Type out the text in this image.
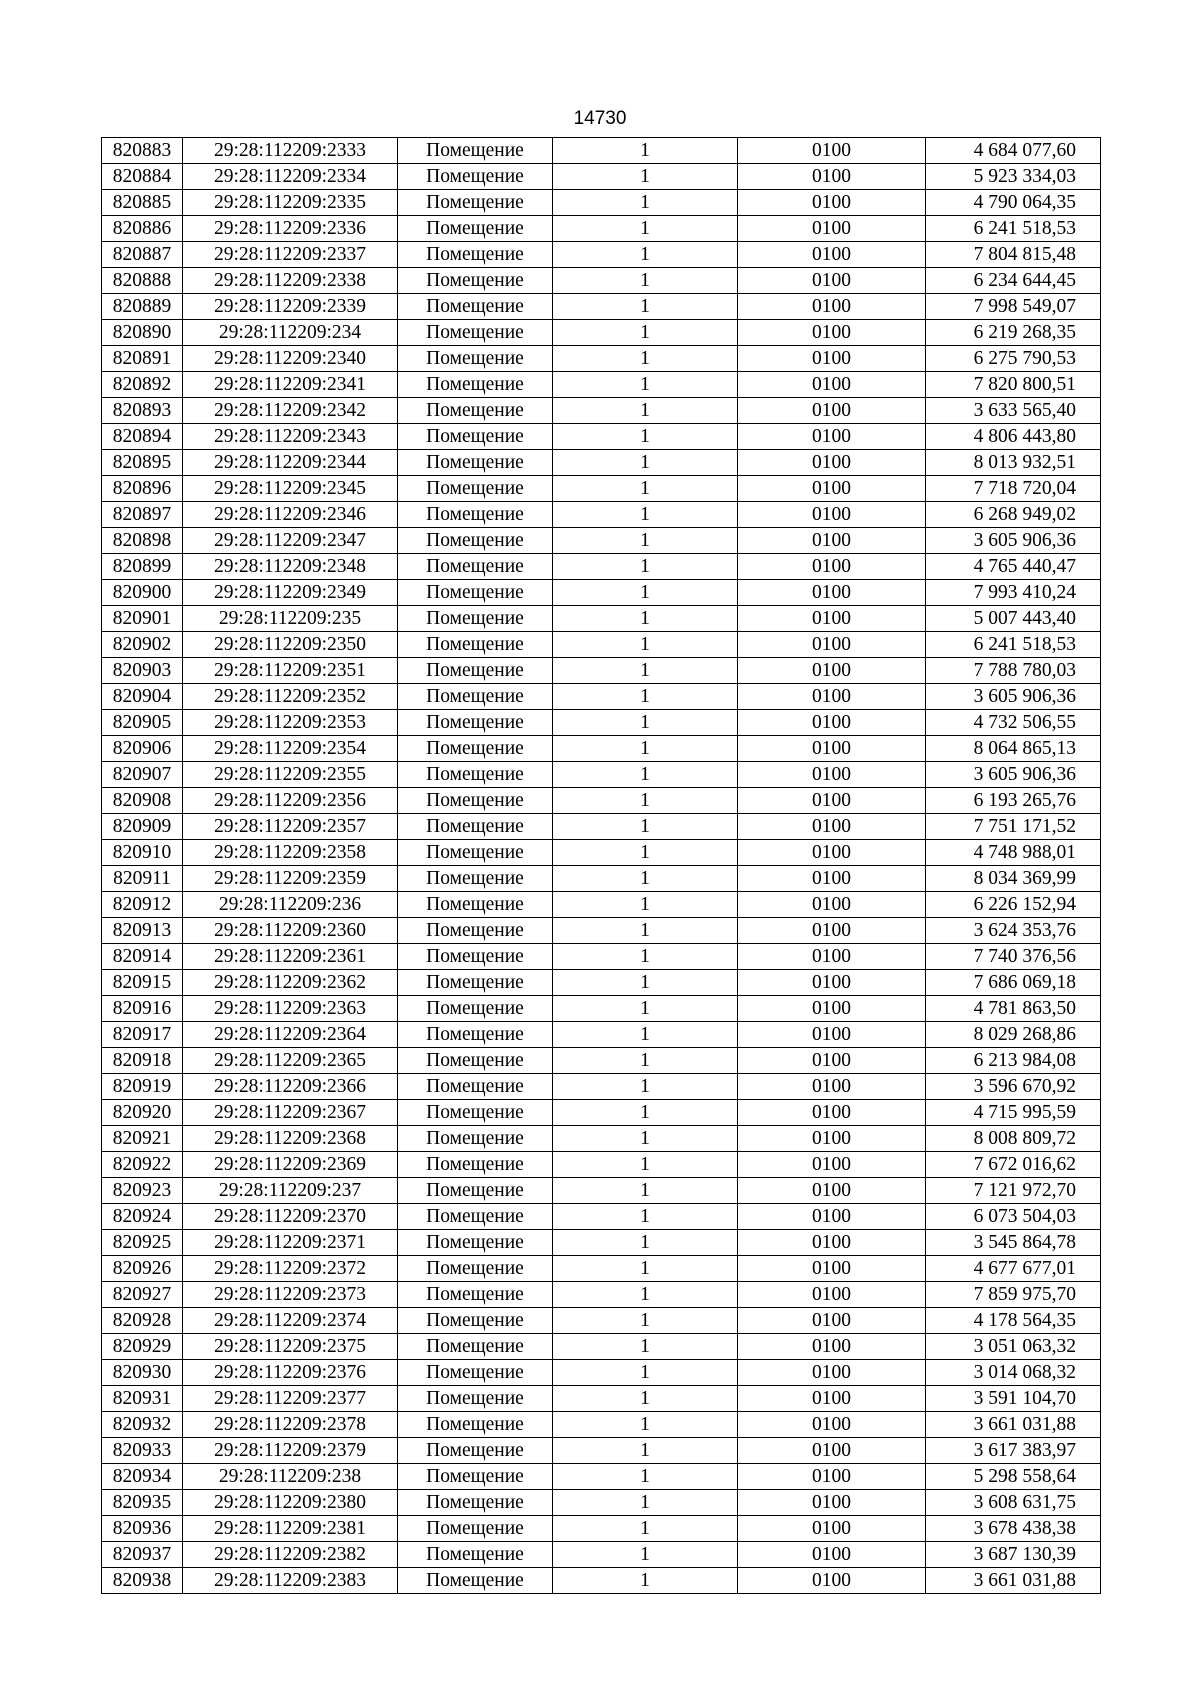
14730
820883	29:28:112209:2333	Помещение	1	0100	4 684 077,60
820884	29:28:112209:2334	Помещение	1	0100	5 923 334,03
820885	29:28:112209:2335	Помещение	1	0100	4 790 064,35
820886	29:28:112209:2336	Помещение	1	0100	6 241 518,53
820887	29:28:112209:2337	Помещение	1	0100	7 804 815,48
820888	29:28:112209:2338	Помещение	1	0100	6 234 644,45
820889	29:28:112209:2339	Помещение	1	0100	7 998 549,07
820890	29:28:112209:234	Помещение	1	0100	6 219 268,35
820891	29:28:112209:2340	Помещение	1	0100	6 275 790,53
820892	29:28:112209:2341	Помещение	1	0100	7 820 800,51
820893	29:28:112209:2342	Помещение	1	0100	3 633 565,40
820894	29:28:112209:2343	Помещение	1	0100	4 806 443,80
820895	29:28:112209:2344	Помещение	1	0100	8 013 932,51
820896	29:28:112209:2345	Помещение	1	0100	7 718 720,04
820897	29:28:112209:2346	Помещение	1	0100	6 268 949,02
820898	29:28:112209:2347	Помещение	1	0100	3 605 906,36
820899	29:28:112209:2348	Помещение	1	0100	4 765 440,47
820900	29:28:112209:2349	Помещение	1	0100	7 993 410,24
820901	29:28:112209:235	Помещение	1	0100	5 007 443,40
820902	29:28:112209:2350	Помещение	1	0100	6 241 518,53
820903	29:28:112209:2351	Помещение	1	0100	7 788 780,03
820904	29:28:112209:2352	Помещение	1	0100	3 605 906,36
820905	29:28:112209:2353	Помещение	1	0100	4 732 506,55
820906	29:28:112209:2354	Помещение	1	0100	8 064 865,13
820907	29:28:112209:2355	Помещение	1	0100	3 605 906,36
820908	29:28:112209:2356	Помещение	1	0100	6 193 265,76
820909	29:28:112209:2357	Помещение	1	0100	7 751 171,52
820910	29:28:112209:2358	Помещение	1	0100	4 748 988,01
820911	29:28:112209:2359	Помещение	1	0100	8 034 369,99
820912	29:28:112209:236	Помещение	1	0100	6 226 152,94
820913	29:28:112209:2360	Помещение	1	0100	3 624 353,76
820914	29:28:112209:2361	Помещение	1	0100	7 740 376,56
820915	29:28:112209:2362	Помещение	1	0100	7 686 069,18
820916	29:28:112209:2363	Помещение	1	0100	4 781 863,50
820917	29:28:112209:2364	Помещение	1	0100	8 029 268,86
820918	29:28:112209:2365	Помещение	1	0100	6 213 984,08
820919	29:28:112209:2366	Помещение	1	0100	3 596 670,92
820920	29:28:112209:2367	Помещение	1	0100	4 715 995,59
820921	29:28:112209:2368	Помещение	1	0100	8 008 809,72
820922	29:28:112209:2369	Помещение	1	0100	7 672 016,62
820923	29:28:112209:237	Помещение	1	0100	7 121 972,70
820924	29:28:112209:2370	Помещение	1	0100	6 073 504,03
820925	29:28:112209:2371	Помещение	1	0100	3 545 864,78
820926	29:28:112209:2372	Помещение	1	0100	4 677 677,01
820927	29:28:112209:2373	Помещение	1	0100	7 859 975,70
820928	29:28:112209:2374	Помещение	1	0100	4 178 564,35
820929	29:28:112209:2375	Помещение	1	0100	3 051 063,32
820930	29:28:112209:2376	Помещение	1	0100	3 014 068,32
820931	29:28:112209:2377	Помещение	1	0100	3 591 104,70
820932	29:28:112209:2378	Помещение	1	0100	3 661 031,88
820933	29:28:112209:2379	Помещение	1	0100	3 617 383,97
820934	29:28:112209:238	Помещение	1	0100	5 298 558,64
820935	29:28:112209:2380	Помещение	1	0100	3 608 631,75
820936	29:28:112209:2381	Помещение	1	0100	3 678 438,38
820937	29:28:112209:2382	Помещение	1	0100	3 687 130,39
820938	29:28:112209:2383	Помещение	1	0100	3 661 031,88
